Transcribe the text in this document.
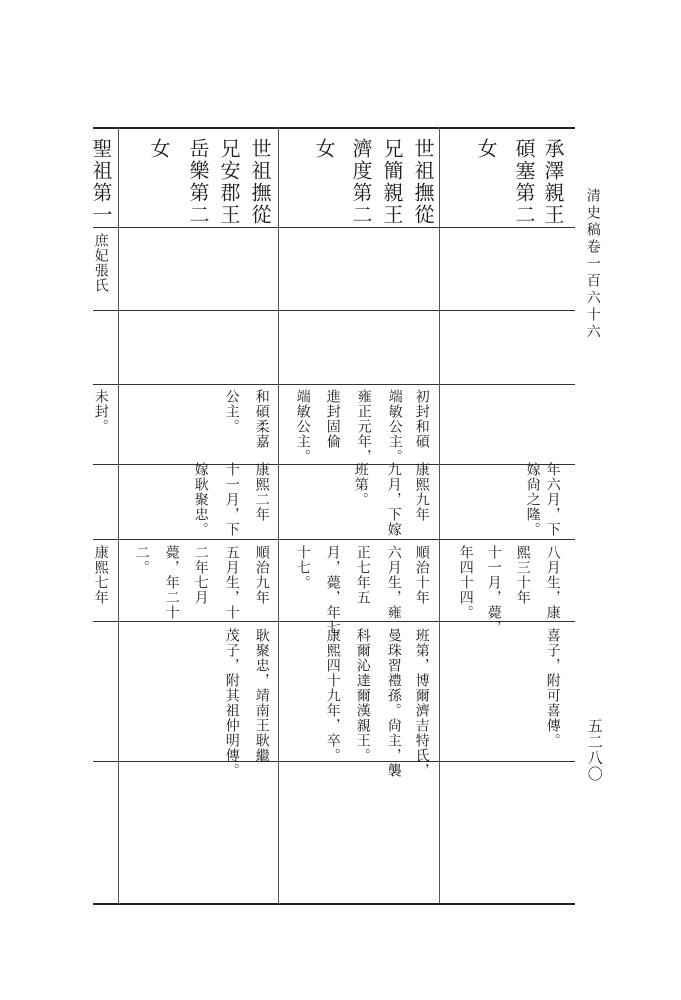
清史稿卷一百六十六
五二八〇
承澤親王
碩塞第二
女
年六月，下
嫁尙之隆。
八月生，康
熙三十年
十一月，薨，
年四十四。
喜子，附可喜傳。
世祖撫從
兄簡親王
濟度第二
女
初封和碩
端敏公主。
雍正元年，
進封固倫
端敏公主。
康熙九年
九月，下嫁
班第。
順治十年
六月生，雍
正七年五
月，薨，年七
十七。
班第，博爾濟吉特氏，
曼珠習禮孫。尙主，襲
科爾沁達爾漢親王。
康熙四十九年，卒。
世祖撫從
兄安郡王
岳樂第二
女
和碩柔嘉
公主。
康熙二年
十一月，下
嫁耿聚忠。
順治九年
五月生，十
二年七月
薨，年二十
二。
耿聚忠，靖南王耿繼
茂子，附其祖仲明傳。
聖祖第一
庶妃張氏
未封。
康熙七年
